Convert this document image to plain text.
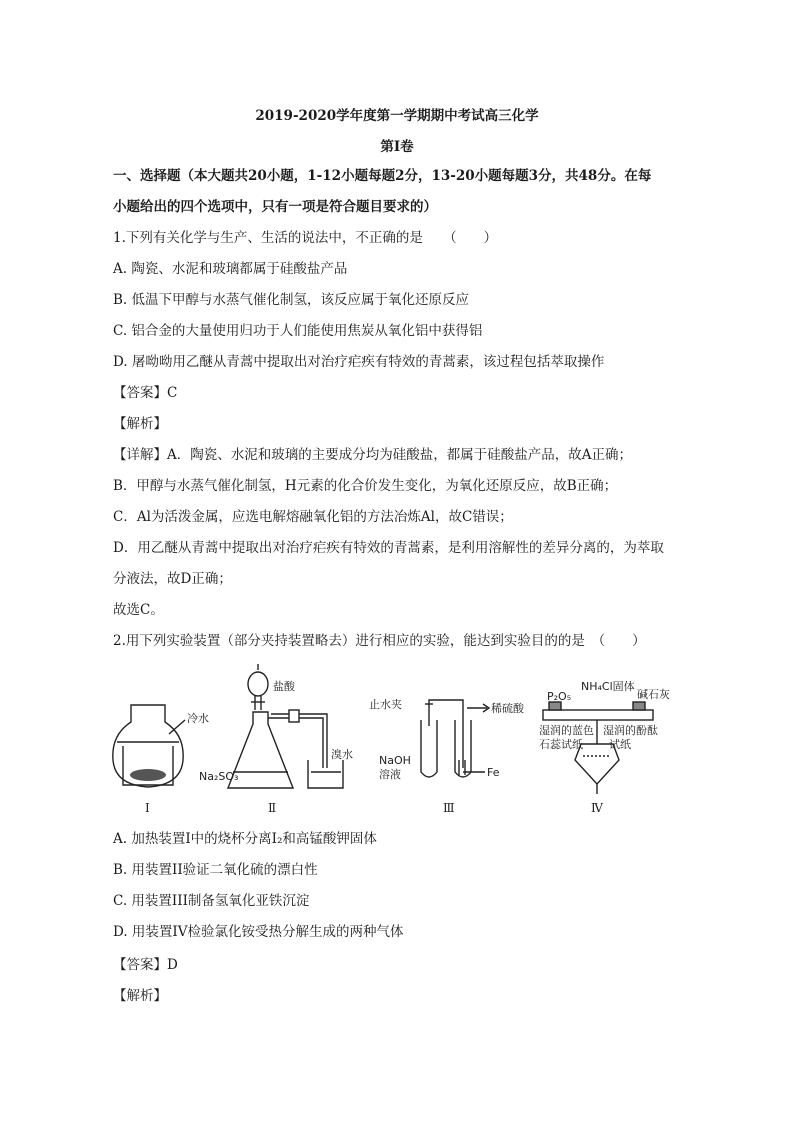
2019-2020学年度第一学期期中考试高三化学
第I卷
一、选择题（本大题共20小题，1-12小题每题2分，13-20小题每题3分，共48分。在每
小题给出的四个选项中，只有一项是符合题目要求的）
1.下列有关化学与生产、生活的说法中，不正确的是　　（　　）
A. 陶瓷、水泥和玻璃都属于硅酸盐产品
B. 低温下甲醇与水蒸气催化制氢，该反应属于氧化还原反应
C. 铝合金的大量使用归功于人们能使用焦炭从氧化铝中获得铝
D. 屠呦呦用乙醚从青蒿中提取出对治疗疟疾有特效的青蒿素，该过程包括萃取操作
【答案】C
【解析】
【详解】A．陶瓷、水泥和玻璃的主要成分均为硅酸盐，都属于硅酸盐产品，故A正确；
B．甲醇与水蒸气催化制氢，H元素的化合价发生变化，为氧化还原反应，故B正确；
C．Al为活泼金属，应选电解熔融氧化铝的方法冶炼Al，故C错误；
D．用乙醚从青蒿中提取出对治疗疟疾有特效的青蒿素，是利用溶解性的差异分离的，为萃取
分液法，故D正确；
故选C。
2.用下列实验装置（部分夹持装置略去）进行相应的实验，能达到实验目的的是　（　　）
Ⅰ	Ⅱ	Ⅲ	Ⅳ
冷水
盐酸
Na₂SO₃
溴水
止水夹	稀硫酸
NaOH
溶液	Fe
NH₄Cl固体
P₂O₅	碱石灰
湿润的蓝色
石蕊试纸
湿润的酚酞
试纸
A. 加热装置I中的烧杯分离I₂和高锰酸钾固体
B. 用装置II验证二氧化硫的漂白性
C. 用装置III制备氢氧化亚铁沉淀
D. 用装置IV检验氯化铵受热分解生成的两种气体
【答案】D
【解析】
